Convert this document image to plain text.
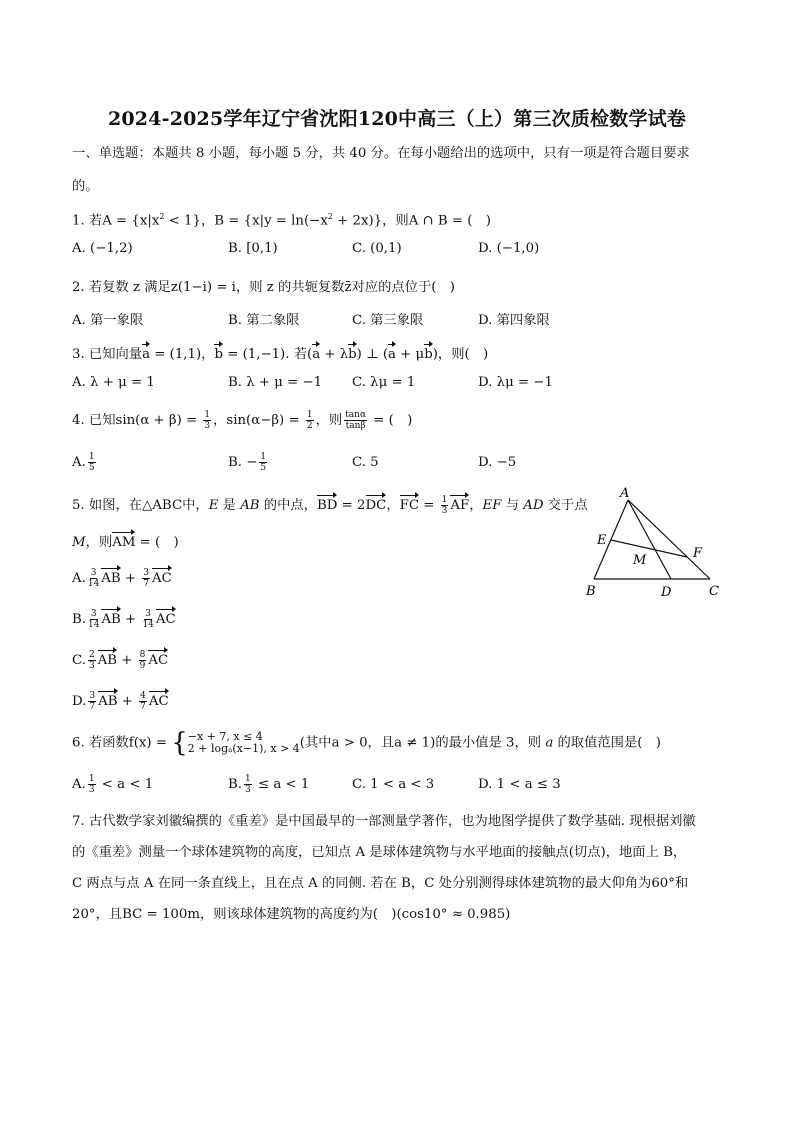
2024-2025学年辽宁省沈阳120中高三（上）第三次质检数学试卷
一、单选题：本题共 8 小题，每小题 5 分，共 40 分。在每小题给出的选项中，只有一项是符合题目要求
的。
1. 若$A = \{x|x^2 < 1\}$，$B = \{x|y = \ln(-x^2 + 2x)\}$，则A ∩ B = (　)
A. (−1,2)	B. [0,1)	C. (0,1)	D. (−1,0)
2. 若复数 z 满足z(1−i) = i，则 z 的共轭复数z̄对应的点位于(　)
A. 第一象限	B. 第二象限	C. 第三象限	D. 第四象限
3. 已知向量a = (1,1)，b = (1,−1). 若(a + λb) ⊥ (a + μb)，则(　)
A. λ + μ = 1	B. λ + μ = −1 C. λμ = 1	D. λμ = −1
4. 已知$\sin(\alpha + \beta) = \frac{1}{3}$ ，$\sin(\alpha-\beta) = \frac{1}{2}$ ，则 $\frac{\tan\alpha}{\tan\beta}$ = (　)
A. $\frac{1}{5}$	B. − $\frac{1}{5}$	C. 5	D. −5
5. 如图，在△ABC中，E 是 AB 的中点，BD = 2DC，FC = $\frac{1}{3}$ AF，EF 与 AD 交于点
M，则AM = (　)
A. $\frac{3}{14}$ AB + $\frac{3}{7}$ AC
B. $\frac{3}{14}$ AB + $\frac{3}{14}$ AC
C. $\frac{2}{3}$ AB + $\frac{8}{9}$ AC
D. $\frac{3}{7}$ AB + $\frac{4}{7}$ AC
A
B	C
D
E
F
M
6. 若函数f(x) = { −x + 7, x ≤ 4
2 + logₐ(x−1), x > 4 (其中a > 0，且a ≠ 1)的最小值是 3，则 a 的取值范围是(　)
A. $\frac{1}{3} < a < 1$	B. $\frac{1}{3} \le a < 1$	C. 1 < a < 3	D. 1 < a ≤ 3
7. 古代数学家刘徽编撰的《重差》是中国最早的一部测量学著作，也为地图学提供了数学基础. 现根据刘徽
的《重差》测量一个球体建筑物的高度，已知点 A 是球体建筑物与水平地面的接触点(切点)，地面上 B，
C 两点与点 A 在同一条直线上，且在点 A 的同侧. 若在 B，C 处分别测得球体建筑物的最大仰角为60°和
20°，且BC = 100m，则该球体建筑物的高度约为(　)(cos10° ≈ 0.985)
